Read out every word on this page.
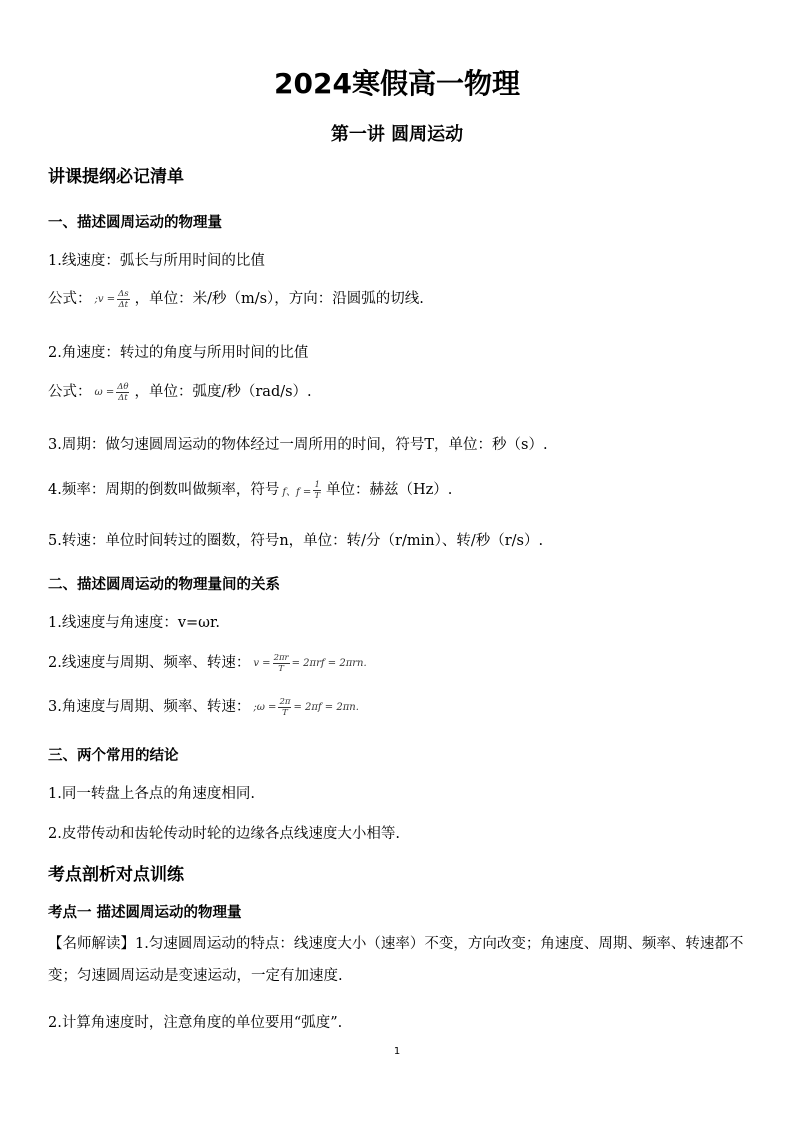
2024寒假高一物理
第一讲 圆周运动
讲课提纲必记清单
一、描述圆周运动的物理量
1.线速度：弧长与所用时间的比值
公式： ;v = $\frac{\Delta s}{\Delta t}$ ，单位：米/秒（m/s），方向：沿圆弧的切线.
2.角速度：转过的角度与所用时间的比值
公式： $\omega = \frac{\Delta\theta}{\Delta t}$ ，单位：弧度/秒（rad/s）.
3.周期：做匀速圆周运动的物体经过一周所用的时间，符号T，单位：秒（s）.
4.频率：周期的倒数叫做频率，符号 f、$f = \frac{1}{T}$ 单位：赫兹（Hz）.
5.转速：单位时间转过的圈数，符号n，单位：转/分（r/min）、转/秒（r/s）.
二、描述圆周运动的物理量间的关系
1.线速度与角速度：v=ωr.
2.线速度与周期、频率、转速： $v = \frac{2\pi r}{T} = 2\pi rf = 2\pi rn$.
3.角速度与周期、频率、转速： ;ω = $\frac{2\pi}{T} = 2\pi f = 2\pi n$.
三、两个常用的结论
1.同一转盘上各点的角速度相同.
2.皮带传动和齿轮传动时轮的边缘各点线速度大小相等.
考点剖析对点训练
考点一 描述圆周运动的物理量
【名师解读】1.匀速圆周运动的特点：线速度大小（速率）不变，方向改变；角速度、周期、频率、转速都不变；匀速圆周运动是变速运动，一定有加速度.
2.计算角速度时，注意角度的单位要用“弧度”.
1
